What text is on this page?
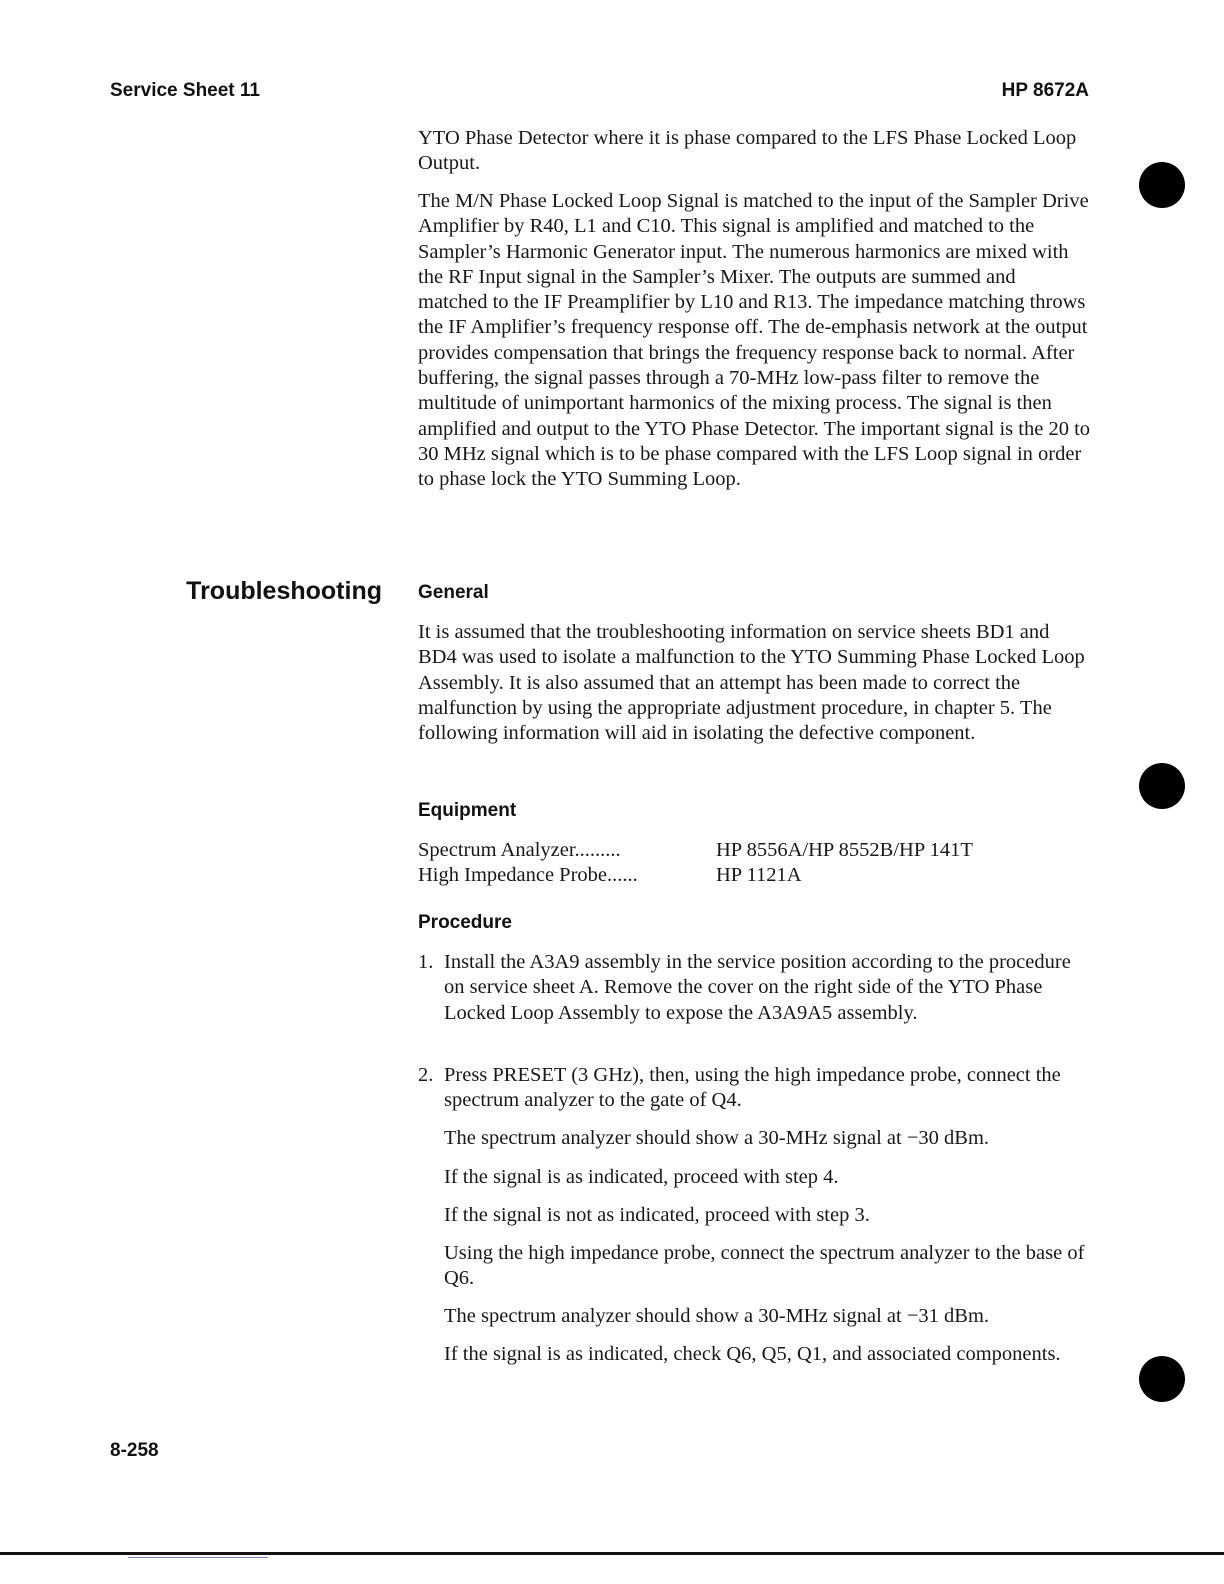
Service Sheet 11	HP 8672A
Troubleshooting

YTO Phase Detector where it is phase compared to the LFS Phase Locked Loop Output.

The M/N Phase Locked Loop Signal is matched to the input of the Sampler Drive Amplifier by R40, L1 and C10. This signal is amplified and matched to the Sampler’s Harmonic Generator input. The numerous harmonics are mixed with the RF Input signal in the Sampler’s Mixer. The outputs are summed and matched to the IF Preamplifier by L10 and R13. The impedance matching throws the IF Amplifier’s frequency response off. The de-emphasis network at the output provides compensation that brings the frequency response back to normal. After buffering, the signal passes through a 70-MHz low-pass filter to remove the multitude of unimportant harmonics of the mixing process. The signal is then amplified and output to the YTO Phase Detector. The important signal is the 20 to 30 MHz signal which is to be phase compared with the LFS Loop signal in order to phase lock the YTO Summing Loop.

General

It is assumed that the troubleshooting information on service sheets BD1 and BD4 was used to isolate a malfunction to the YTO Summing Phase Locked Loop Assembly. It is also assumed that an attempt has been made to correct the malfunction by using the appropriate adjustment procedure, in chapter 5. The following information will aid in isolating the defective component.

Equipment
Spectrum Analyzer.........	HP 8556A/HP 8552B/HP 141T
High Impedance Probe......	HP 1121A
Procedure
1. Install the A3A9 assembly in the service position according to the procedure on service sheet A. Remove the cover on the right side of the YTO Phase Locked Loop Assembly to expose the A3A9A5 assembly.
2. Press PRESET (3 GHz), then, using the high impedance probe, connect the spectrum analyzer to the gate of Q4.

The spectrum analyzer should show a 30-MHz signal at −30 dBm.

If the signal is as indicated, proceed with step 4.

If the signal is not as indicated, proceed with step 3.

Using the high impedance probe, connect the spectrum analyzer to the base of Q6.

The spectrum analyzer should show a 30-MHz signal at −31 dBm.

If the signal is as indicated, check Q6, Q5, Q1, and associated components.

8-258
